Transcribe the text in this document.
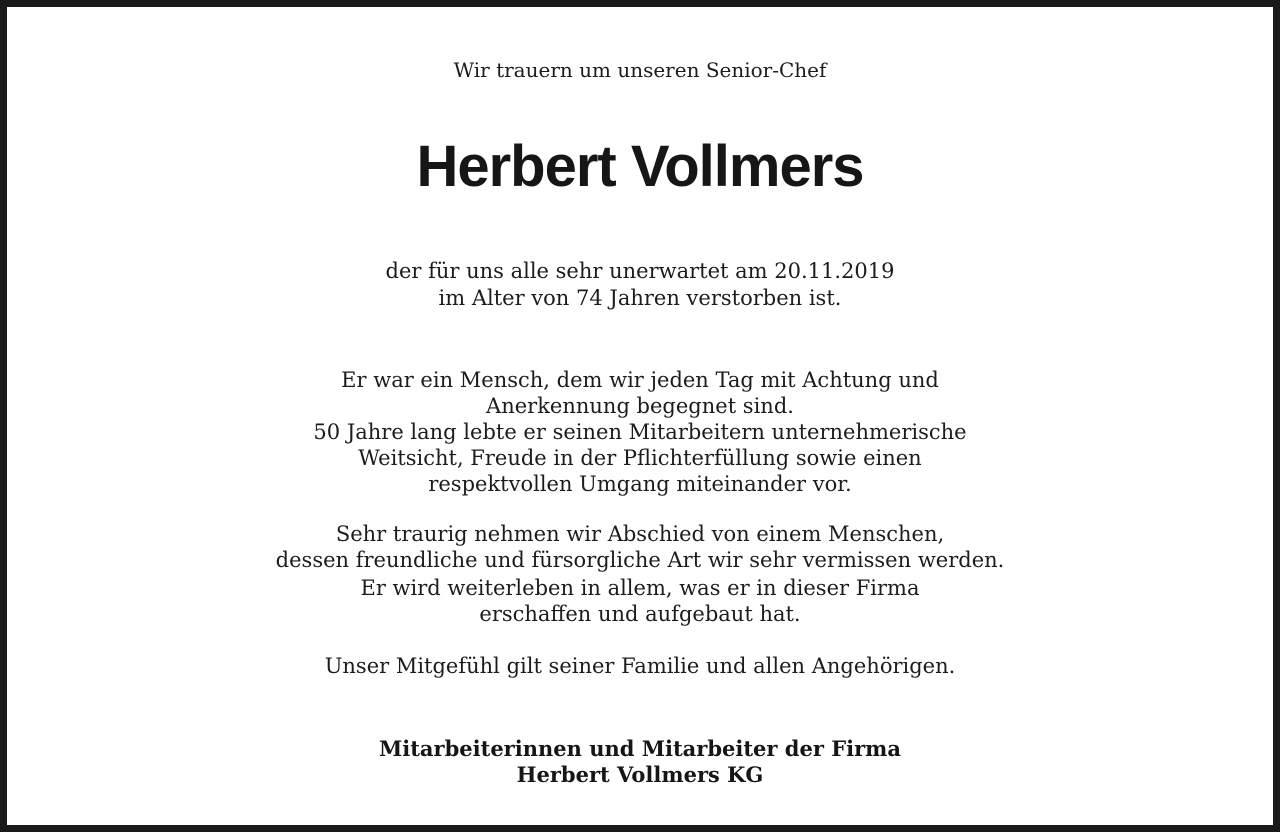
Wir trauern um unseren Senior-Chef
Herbert Vollmers
der für uns alle sehr unerwartet am 20.11.2019
im Alter von 74 Jahren verstorben ist.
Er war ein Mensch, dem wir jeden Tag mit Achtung und
Anerkennung begegnet sind.
50 Jahre lang lebte er seinen Mitarbeitern unternehmerische
Weitsicht, Freude in der Pflichterfüllung sowie einen
respektvollen Umgang miteinander vor.
Sehr traurig nehmen wir Abschied von einem Menschen,
dessen freundliche und fürsorgliche Art wir sehr vermissen werden.
Er wird weiterleben in allem, was er in dieser Firma
erschaffen und aufgebaut hat.
Unser Mitgefühl gilt seiner Familie und allen Angehörigen.
Mitarbeiterinnen und Mitarbeiter der Firma
Herbert Vollmers KG
